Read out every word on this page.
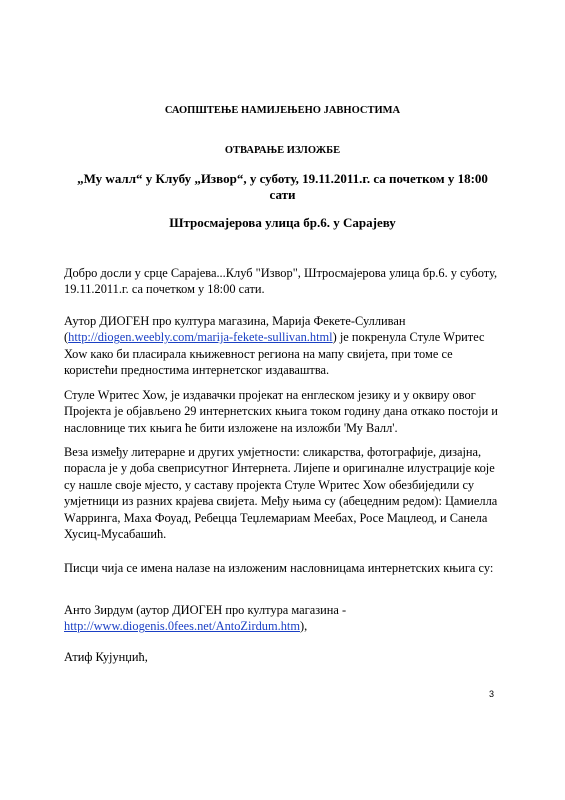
САОПШТЕЊЕ НАМИЈЕЊЕНО ЈАВНОСТИМА
ОТВАРАЊЕ ИЗЛОЖБЕ
„Му wалл“ у Клубу „Извор“, у суботу, 19.11.2011.г. са почетком у 18:00
сати
Штросмајерова улица бр.6. у Сарајеву

Добро досли у срце Сарајева...Клуб "Извор", Штросмајерова улица бр.6. у суботу, 19.11.2011.г. са почетком у 18:00 сати.

Аутор ДИОГЕН про култура магазина, Марија Фекете-Сулливан (http://diogen.weebly.com/marija-fekete-sullivan.html) је покренула Стуле Wритес Хоw како би пласирала књижевност регионa на мапу свијета, при томе се користећи предностима интернетског издаваштва.

Стуле Wритес Хоw, је издавачки пројекат на енглеском језику и у оквиру овог Пројекта је објављено 29 интернетских књига током годину дана откако постоји и насловнице тих књига ће бити изложене на изложби 'Му Валл'.

Веза између литерарне и других умјетности: сликарства, фотографије, дизајна, порасла је у доба свеприсутног Интернета. Лијепе и оригиналне илустрације које су нашле своје мјесто, у саставу пројекта Стуле Wритес Хоw обезбиједили су умјетници из разних крајева свијета. Међу њима су (абецедним редом): Цамиелла Wарринга, Маха Фоуад, Ребецца Теџлемариам Меебах, Росе Мацлеод, и Санела Хусиц-Мусабашић.

Писци чија се имена налазе на изложеним насловницама интернетских књига су:

Анто Зирдум (аутор ДИОГЕН про култура магазина - http://www.diogenis.0fees.net/AntoZirdum.htm),

Атиф Кујунџић,

3
